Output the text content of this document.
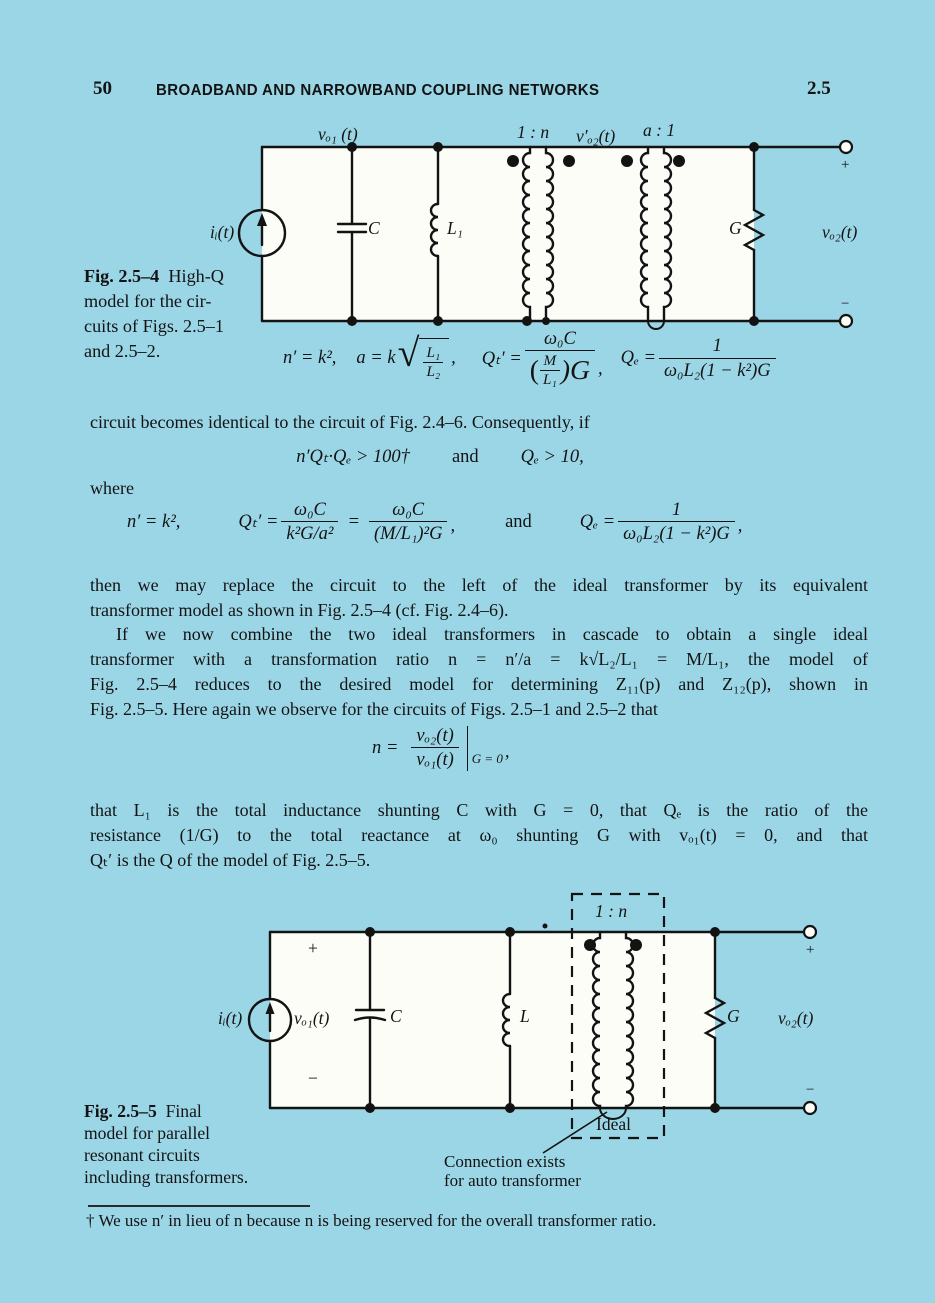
50	BROADBAND AND NARROWBAND COUPLING NETWORKS	2.5
vₒ₁ (t)	1 : n v′ₒ₂(t) a : 1
iᵢ(t)	C	L₁	G	vₒ₂(t)
+
−
Fig. 2.5–4 High-Q
model for the cir-
cuits of Figs. 2.5–1
and 2.5–2.	n′ = k², a = k √ $\frac{\text{L₁}}{\text{L₂}}$ , $Q_t' = \frac{\text{ω₀C}}{( \frac{M}{\text{L₁}} )G}$ ,
$Q_e = \frac{1}{\text{ω₀L₂(1 − k²)G}}$
circuit becomes identical to the circuit of Fig. 2.4–6. Consequently, if
n′Qₜ·Qₑ > 100† and Qₑ > 10,
where
n′ = k²,	$Q_t' = \frac{\text{ω₀C}}{\text{k²G/a²}} = \frac{\text{ω₀C}}{\text{(M/L₁)²G}}$ ,	and	$Q_e = \frac{1}{\text{ω₀L₂(1 − k²)G}}$ ,
then we may replace the circuit to the left of the ideal transformer by its equivalent
transformer model as shown in Fig. 2.5–4 (cf. Fig. 2.4–6).
If we now combine the two ideal transformers in cascade to obtain a single ideal
transformer with a transformation ratio n = n′/a = k√L₂/L₁ = M/L₁, the model of
Fig. 2.5–4 reduces to the desired model for determining Z₁₁(p) and Z₁₂(p), shown in
Fig. 2.5–5. Here again we observe for the circuits of Figs. 2.5–1 and 2.5–2 that
$n = \frac{\text{vₒ₂(t)}}{\text{vₒ₁(t)}}$ G = 0 ,
that L₁ is the total inductance shunting C with G = 0, that Qₑ is the ratio of the
resistance (1/G) to the total reactance at ω₀ shunting G with vₒ₁(t) = 0, and that
Qₜ′ is the Q of the model of Fig. 2.5–5.
1 : n
+
−
iᵢ(t)	vₒ₁(t)	C	L	G vₒ₂(t)
+
−
Ideal
Connection exists
for auto transformer
Fig. 2.5–5 Final
model for parallel
resonant circuits
including transformers.
† We use n′ in lieu of n because n is being reserved for the overall transformer ratio.
